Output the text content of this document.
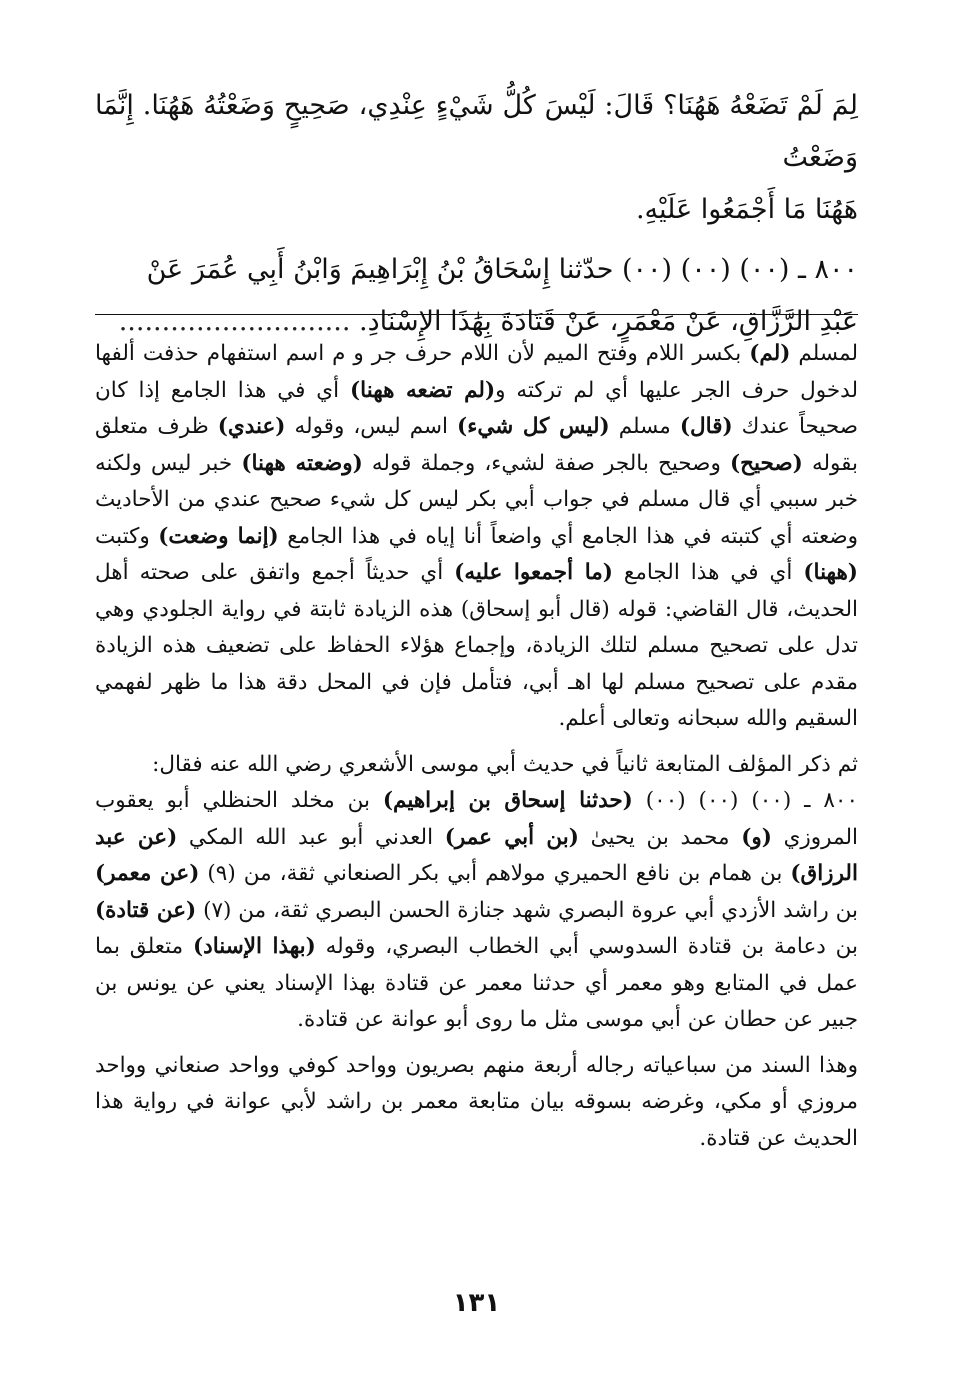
لِمَ لَمْ تَضَعْهُ هَهُنَا؟ قَالَ: لَيْسَ كُلُّ شَيْءٍ عِنْدِي، صَحِيحٍ وَضَعْتُهُ هَهُنَا. إِنَّمَا وَضَعْتُ

هَهُنَا مَا أَجْمَعُوا عَلَيْهِ.

٨٠٠ ـ (٠٠) (٠٠) (٠٠) حدّثنا إِسْحَاقُ بْنُ إِبْرَاهِيمَ وَابْنُ أَبِي عُمَرَ عَنْ

عَبْدِ الرَّزَّاقِ، عَنْ مَعْمَرٍ، عَنْ قَتَادَةَ بِهَٰذَا الإِسْنَادِ. ...........................

لمسلم (لم) بكسر اللام وفتح الميم لأن اللام حرف جر و م اسم استفهام حذفت ألفها لدخول حرف الجر عليها أي لم تركته و(لم تضعه ههنا) أي في هذا الجامع إذا كان صحيحاً عندك (قال) مسلم (ليس كل شيء) اسم ليس، وقوله (عندي) ظرف متعلق بقوله (صحيح) وصحيح بالجر صفة لشيء، وجملة قوله (وضعته ههنا) خبر ليس ولكنه خبر سببي أي قال مسلم في جواب أبي بكر ليس كل شيء صحيح عندي من الأحاديث وضعته أي كتبته في هذا الجامع أي واضعاً أنا إياه في هذا الجامع (إنما وضعت) وكتبت (ههنا) أي في هذا الجامع (ما أجمعوا عليه) أي حديثاً أجمع واتفق على صحته أهل الحديث، قال القاضي: قوله (قال أبو إسحاق) هذه الزيادة ثابتة في رواية الجلودي وهي تدل على تصحيح مسلم لتلك الزيادة، وإجماع هؤلاء الحفاظ على تضعيف هذه الزيادة مقدم على تصحيح مسلم لها اهـ أبي، فتأمل فإن في المحل دقة هذا ما ظهر لفهمي السقيم والله سبحانه وتعالى أعلم.

ثم ذكر المؤلف المتابعة ثانياً في حديث أبي موسى الأشعري رضي الله عنه فقال:

٨٠٠ ـ (٠٠) (٠٠) (٠٠) (حدثنا إسحاق بن إبراهيم) بن مخلد الحنظلي أبو يعقوب المروزي (و) محمد بن يحيىٰ (بن أبي عمر) العدني أبو عبد الله المكي (عن عبد الرزاق) بن همام بن نافع الحميري مولاهم أبي بكر الصنعاني ثقة، من (٩) (عن معمر) بن راشد الأزدي أبي عروة البصري شهد جنازة الحسن البصري ثقة، من (٧) (عن قتادة) بن دعامة بن قتادة السدوسي أبي الخطاب البصري، وقوله (بهذا الإسناد) متعلق بما عمل في المتابع وهو معمر أي حدثنا معمر عن قتادة بهذا الإسناد يعني عن يونس بن جبير عن حطان عن أبي موسى مثل ما روى أبو عوانة عن قتادة.

وهذا السند من سباعياته رجاله أربعة منهم بصريون وواحد كوفي وواحد صنعاني وواحد مروزي أو مكي، وغرضه بسوقه بيان متابعة معمر بن راشد لأبي عوانة في رواية هذا الحديث عن قتادة.

١٣١
